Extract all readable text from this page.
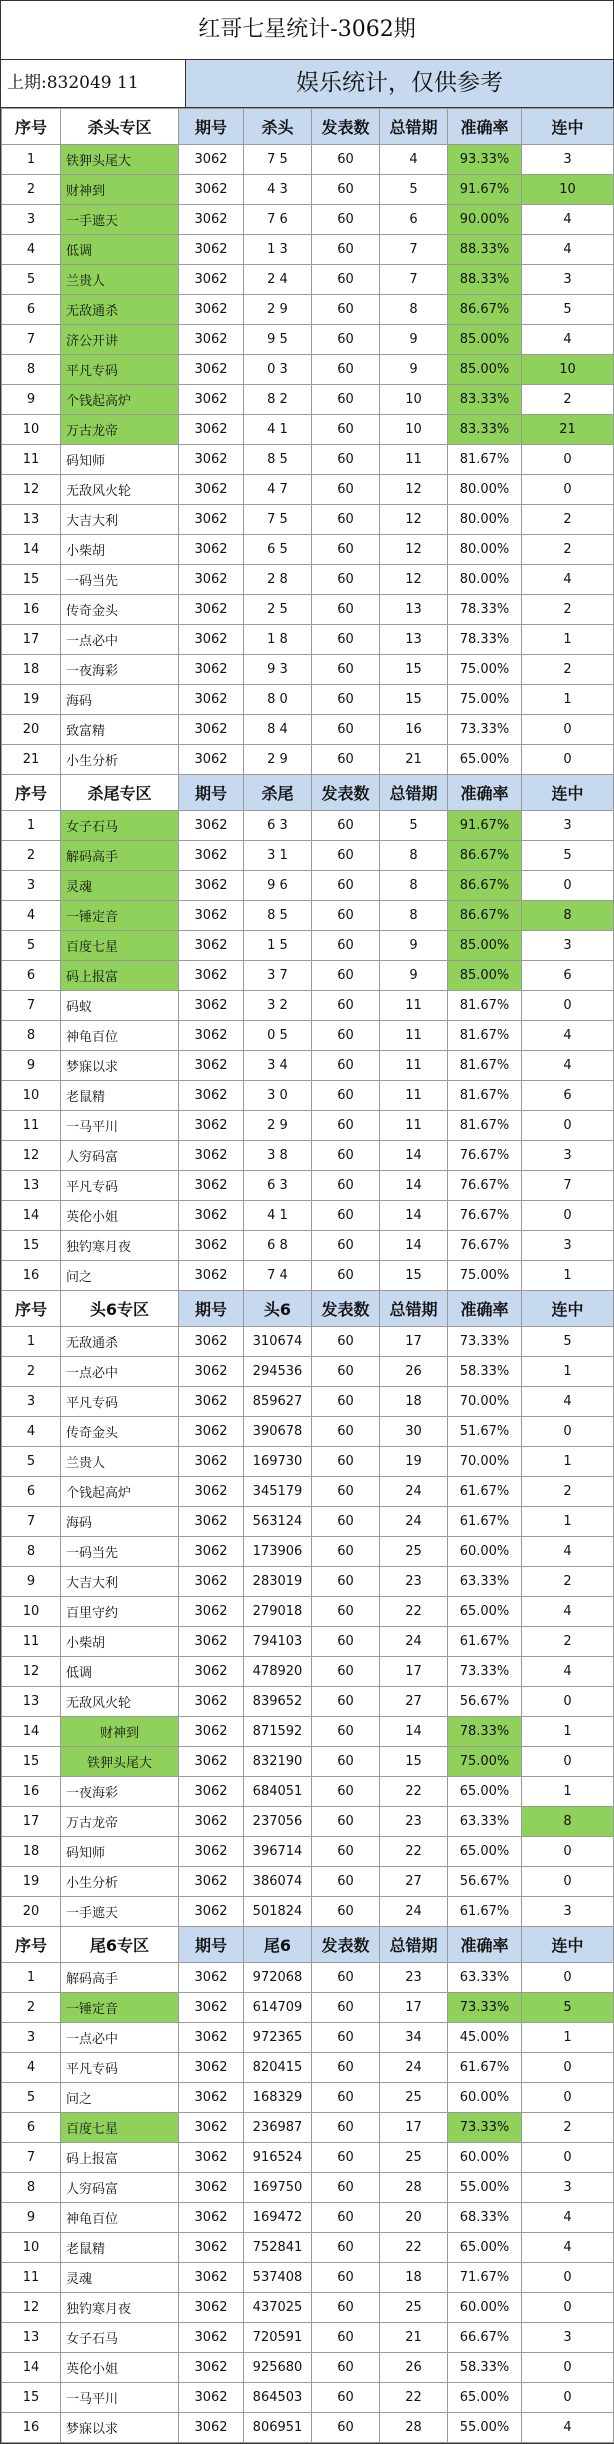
红哥七星统计-3062期
上期:832049 11	娱乐统计，仅供参考
序号	杀头专区	期号	杀头	发表数	总错期	准确率	连中
1	铁狎头尾大	3062	7 5	60	4	93.33%	3
2	财神到	3062	4 3	60	5	91.67%	10
3	一手遮天	3062	7 6	60	6	90.00%	4
4	低调	3062	1 3	60	7	88.33%	4
5	兰贵人	3062	2 4	60	7	88.33%	3
6	无敌通杀	3062	2 9	60	8	86.67%	5
7	济公开讲	3062	9 5	60	9	85.00%	4
8	平凡专码	3062	0 3	60	9	85.00%	10
9	个钱起高炉	3062	8 2	60	10	83.33%	2
10	万古龙帝	3062	4 1	60	10	83.33%	21
11	码知师	3062	8 5	60	11	81.67%	0
12	无敌风火轮	3062	4 7	60	12	80.00%	0
13	大吉大利	3062	7 5	60	12	80.00%	2
14	小柴胡	3062	6 5	60	12	80.00%	2
15	一码当先	3062	2 8	60	12	80.00%	4
16	传奇金头	3062	2 5	60	13	78.33%	2
17	一点必中	3062	1 8	60	13	78.33%	1
18	一夜海彩	3062	9 3	60	15	75.00%	2
19	海码	3062	8 0	60	15	75.00%	1
20	致富精	3062	8 4	60	16	73.33%	0
21	小生分析	3062	2 9	60	21	65.00%	0
序号	杀尾专区	期号	杀尾	发表数	总错期	准确率	连中
1	女子石马	3062	6 3	60	5	91.67%	3
2	解码高手	3062	3 1	60	8	86.67%	5
3	灵魂	3062	9 6	60	8	86.67%	0
4	一锤定音	3062	8 5	60	8	86.67%	8
5	百度七星	3062	1 5	60	9	85.00%	3
6	码上报富	3062	3 7	60	9	85.00%	6
7	码蚁	3062	3 2	60	11	81.67%	0
8	神龟百位	3062	0 5	60	11	81.67%	4
9	梦寐以求	3062	3 4	60	11	81.67%	4
10	老鼠精	3062	3 0	60	11	81.67%	6
11	一马平川	3062	2 9	60	11	81.67%	0
12	人穷码富	3062	3 8	60	14	76.67%	3
13	平凡专码	3062	6 3	60	14	76.67%	7
14	英伦小姐	3062	4 1	60	14	76.67%	0
15	独钓寒月夜	3062	6 8	60	14	76.67%	3
16	问之	3062	7 4	60	15	75.00%	1
序号	头6专区	期号	头6	发表数	总错期	准确率	连中
1	无敌通杀	3062	310674	60	17	73.33%	5
2	一点必中	3062	294536	60	26	58.33%	1
3	平凡专码	3062	859627	60	18	70.00%	4
4	传奇金头	3062	390678	60	30	51.67%	0
5	兰贵人	3062	169730	60	19	70.00%	1
6	个钱起高炉	3062	345179	60	24	61.67%	2
7	海码	3062	563124	60	24	61.67%	1
8	一码当先	3062	173906	60	25	60.00%	4
9	大吉大利	3062	283019	60	23	63.33%	2
10	百里守约	3062	279018	60	22	65.00%	4
11	小柴胡	3062	794103	60	24	61.67%	2
12	低调	3062	478920	60	17	73.33%	4
13	无敌风火轮	3062	839652	60	27	56.67%	0
14	财神到	3062	871592	60	14	78.33%	1
15	铁狎头尾大	3062	832190	60	15	75.00%	0
16	一夜海彩	3062	684051	60	22	65.00%	1
17	万古龙帝	3062	237056	60	23	63.33%	8
18	码知师	3062	396714	60	22	65.00%	0
19	小生分析	3062	386074	60	27	56.67%	0
20	一手遮天	3062	501824	60	24	61.67%	3
序号	尾6专区	期号	尾6	发表数	总错期	准确率	连中
1	解码高手	3062	972068	60	23	63.33%	0
2	一锤定音	3062	614709	60	17	73.33%	5
3	一点必中	3062	972365	60	34	45.00%	1
4	平凡专码	3062	820415	60	24	61.67%	0
5	问之	3062	168329	60	25	60.00%	0
6	百度七星	3062	236987	60	17	73.33%	2
7	码上报富	3062	916524	60	25	60.00%	0
8	人穷码富	3062	169750	60	28	55.00%	3
9	神龟百位	3062	169472	60	20	68.33%	4
10	老鼠精	3062	752841	60	22	65.00%	4
11	灵魂	3062	537408	60	18	71.67%	0
12	独钓寒月夜	3062	437025	60	25	60.00%	0
13	女子石马	3062	720591	60	21	66.67%	3
14	英伦小姐	3062	925680	60	26	58.33%	0
15	一马平川	3062	864503	60	22	65.00%	0
16	梦寐以求	3062	806951	60	28	55.00%	4
